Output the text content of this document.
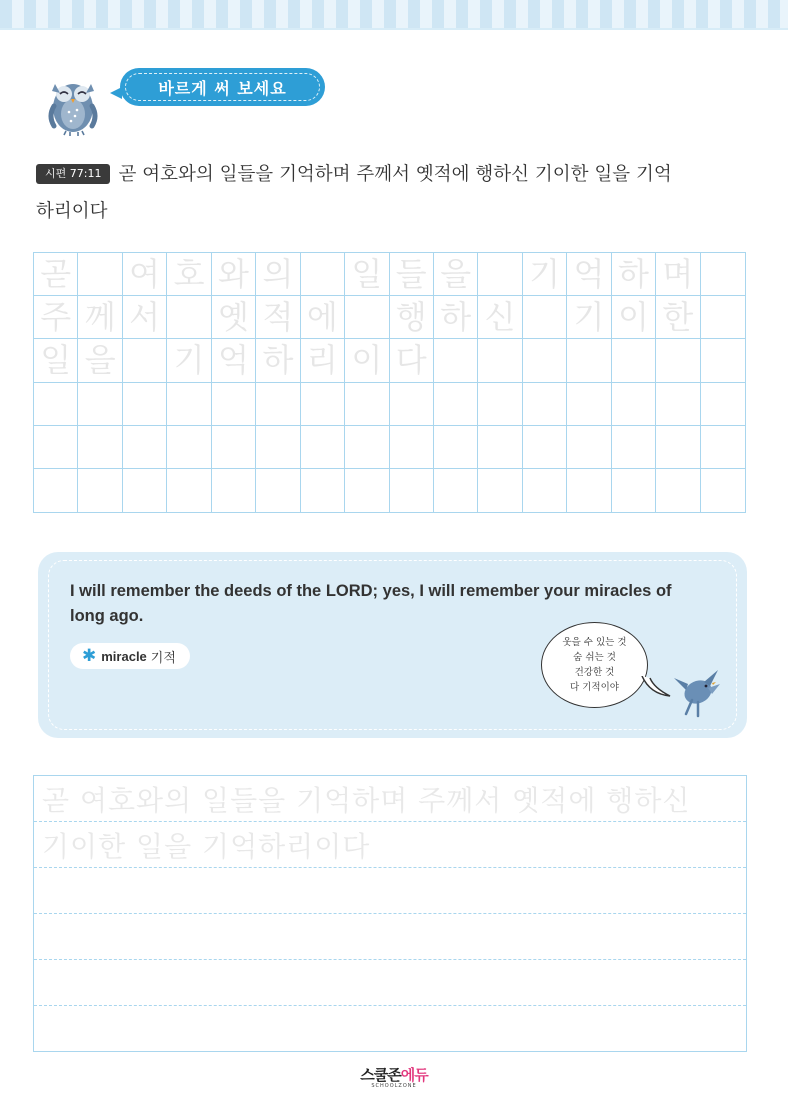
바르게 써 보세요
시편 77:11 곧 여호와의 일들을 기억하며 주께서 옛적에 행하신 기이한 일을 기억
하리이다
곧 여 호 와 의 일 들 을 기 억 하 며
주 께 서 옛 적 에 행 하 신 기 이 한
일 을 기 억 하 리 이 다
I will remember the deeds of the LORD; yes, I will remember your miracles of long ago.
✱ miracle 기적
웃을 수 있는 것
숨 쉬는 것
건강한 것
다 기적이야
곧 여호와의 일들을 기억하며 주께서 옛적에 행하신
기이한 일을 기억하리이다
스쿨존에듀
SCHOOLZONE
